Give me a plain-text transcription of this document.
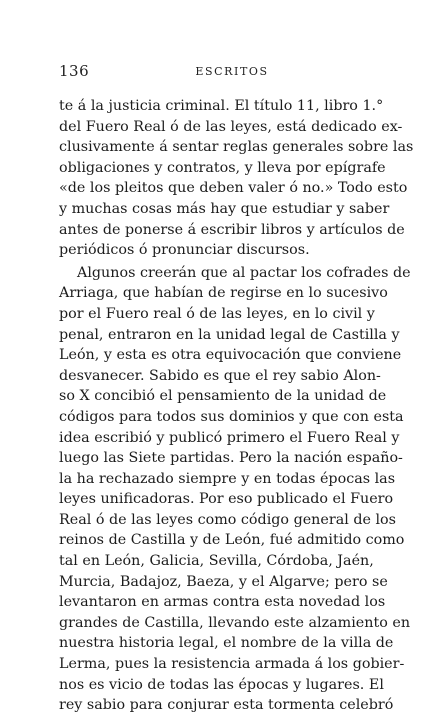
136	ESCRITOS
te á la justicia criminal. El título 11, libro 1.°
del Fuero Real ó de las leyes, está dedicado ex-
clusivamente á sentar reglas generales sobre las
obligaciones y contratos, y lleva por epígrafe
«de los pleitos que deben valer ó no.» Todo esto
y muchas cosas más hay que estudiar y saber
antes de ponerse á escribir libros y artículos de
periódicos ó pronunciar discursos.
Algunos creerán que al pactar los cofrades de
Arriaga, que habían de regirse en lo sucesivo
por el Fuero real ó de las leyes, en lo civil y
penal, entraron en la unidad legal de Castilla y
León, y esta es otra equivocación que conviene
desvanecer. Sabido es que el rey sabio Alon-
so X concibió el pensamiento de la unidad de
códigos para todos sus dominios y que con esta
idea escribió y publicó primero el Fuero Real y
luego las Siete partidas. Pero la nación españo-
la ha rechazado siempre y en todas épocas las
leyes unificadoras. Por eso publicado el Fuero
Real ó de las leyes como código general de los
reinos de Castilla y de León, fué admitido como
tal en León, Galicia, Sevilla, Córdoba, Jaén,
Murcia, Badajoz, Baeza, y el Algarve; pero se
levantaron en armas contra esta novedad los
grandes de Castilla, llevando este alzamiento en
nuestra historia legal, el nombre de la villa de
Lerma, pues la resistencia armada á los gobier-
nos es vicio de todas las épocas y lugares. El
rey sabio para conjurar esta tormenta celebró
